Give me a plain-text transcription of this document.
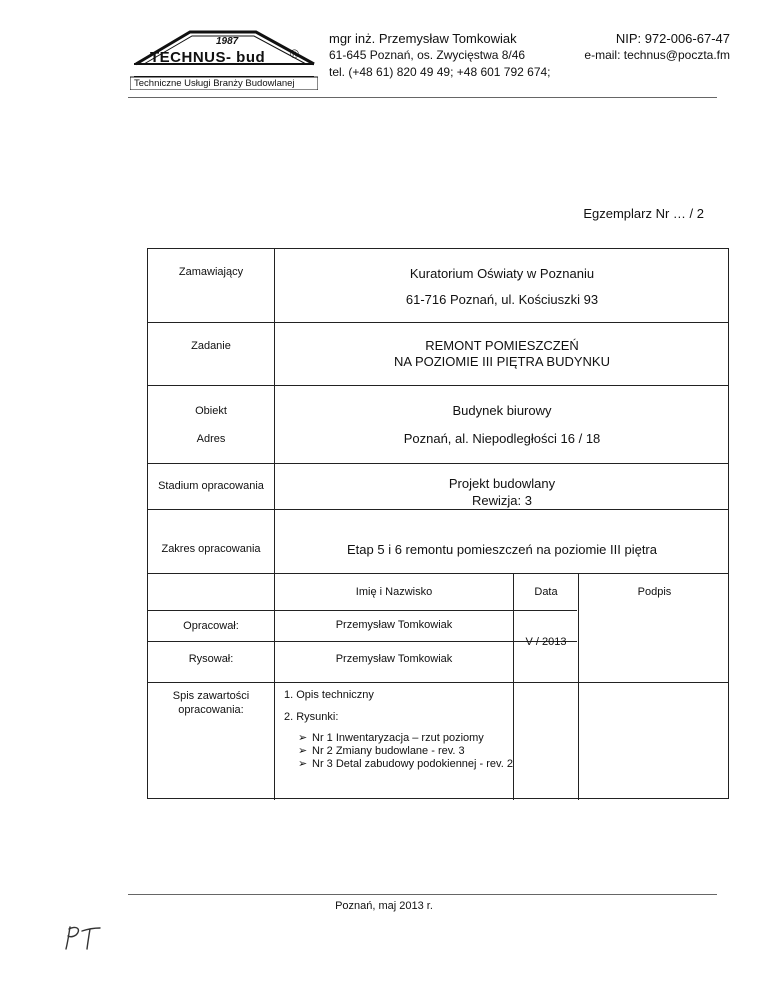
1987
TECHNUS- bud ®
Techniczne Usługi Branży Budowlanej
mgr inż. Przemysław Tomkowiak
61-645 Poznań, os. Zwycięstwa 8/46
tel. (+48 61) 820 49 49; +48 601 792 674;
NIP: 972-006-67-47
e-mail: technus@poczta.fm
Egzemplarz Nr … / 2
Zamawiający	Kuratorium Oświaty w Poznaniu
61-716 Poznań, ul. Kościuszki 93
Zadanie	REMONT POMIESZCZEŃ
NA POZIOMIE III PIĘTRA BUDYNKU
Obiekt	Budynek biurowy
Adres	Poznań, al. Niepodległości 16 / 18
Stadium opracowania	Projekt budowlany
Rewizja: 3
Zakres opracowania	Etap 5 i 6 remontu pomieszczeń na poziomie III piętra
Imię i Nazwisko	Data	Podpis
Opracował:	Przemysław Tomkowiak
Rysował:	Przemysław Tomkowiak
V / 2013
Spis zawartości opracowania:
1. Opis techniczny
2. Rysunki:
➢ Nr 1 Inwentaryzacja – rzut poziomy
➢ Nr 2 Zmiany budowlane - rev. 3
➢ Nr 3 Detal zabudowy podokiennej - rev. 2
Poznań, maj 2013 r.
